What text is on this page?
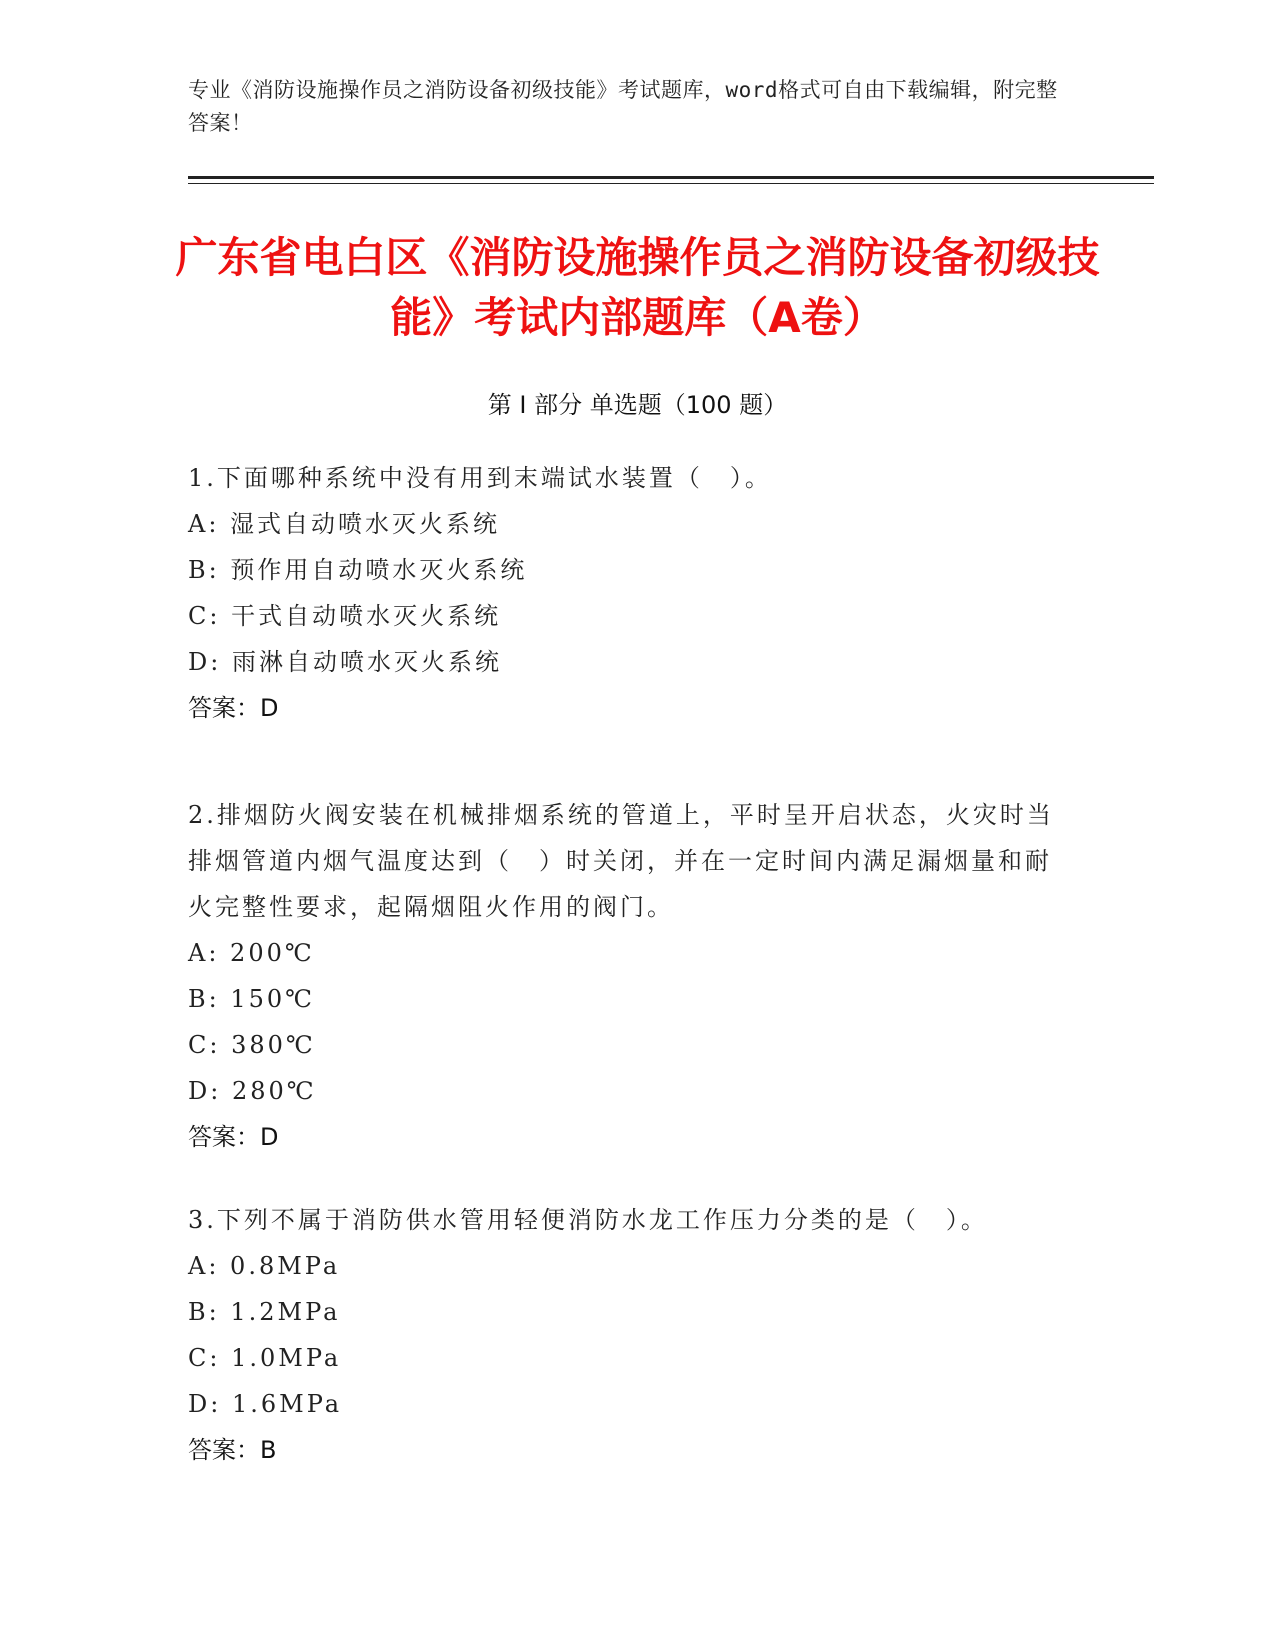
专业《消防设施操作员之消防设备初级技能》考试题库，word格式可自由下载编辑，附完整答案！
广东省电白区《消防设施操作员之消防设备初级技能》考试内部题库（A卷）
第 I 部分 单选题（100 题）
1.下面哪种系统中没有用到末端试水装置（　）。
A: 湿式自动喷水灭火系统
B: 预作用自动喷水灭火系统
C: 干式自动喷水灭火系统
D: 雨淋自动喷水灭火系统
答案：D
2.排烟防火阀安装在机械排烟系统的管道上，平时呈开启状态，火灾时当排烟管道内烟气温度达到（　）时关闭，并在一定时间内满足漏烟量和耐火完整性要求，起隔烟阻火作用的阀门。
A: 200℃
B: 150℃
C: 380℃
D: 280℃
答案：D
3.下列不属于消防供水管用轻便消防水龙工作压力分类的是（　）。
A: 0.8MPa
B: 1.2MPa
C: 1.0MPa
D: 1.6MPa
答案：B
